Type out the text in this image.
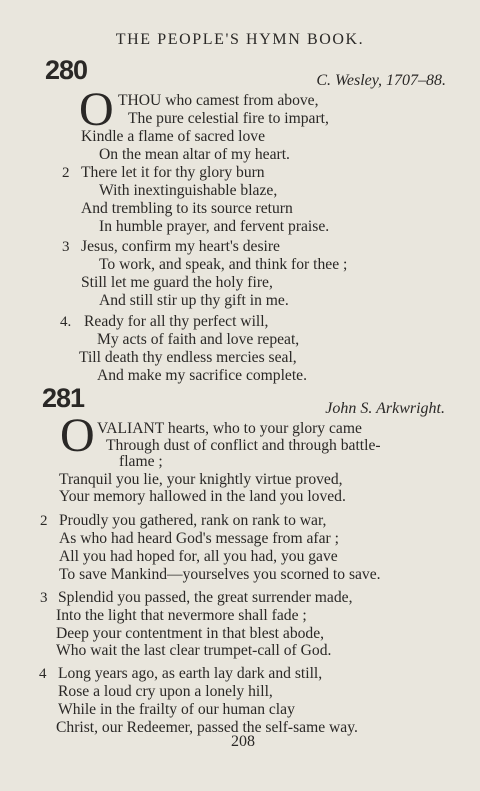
THE PEOPLE'S HYMN BOOK.
280	C. Wesley, 1707–88.
O THOU who camest from above,
The pure celestial fire to impart,
Kindle a flame of sacred love
On the mean altar of my heart.
2 There let it for thy glory burn
With inextinguishable blaze,
And trembling to its source return
In humble prayer, and fervent praise.
3 Jesus, confirm my heart's desire
To work, and speak, and think for thee ;
Still let me guard the holy fire,
And still stir up thy gift in me.
4. Ready for all thy perfect will,
My acts of faith and love repeat,
Till death thy endless mercies seal,
And make my sacrifice complete.
281	John S. Arkwright.
O VALIANT hearts, who to your glory came
Through dust of conflict and through battle-
flame ;
Tranquil you lie, your knightly virtue proved,
Your memory hallowed in the land you loved.
2 Proudly you gathered, rank on rank to war,
As who had heard God's message from afar ;
All you had hoped for, all you had, you gave
To save Mankind—yourselves you scorned to save.
3 Splendid you passed, the great surrender made,
Into the light that nevermore shall fade ;
Deep your contentment in that blest abode,
Who wait the last clear trumpet-call of God.
4 Long years ago, as earth lay dark and still,
Rose a loud cry upon a lonely hill,
While in the frailty of our human clay
Christ, our Redeemer, passed the self-same way.
208
